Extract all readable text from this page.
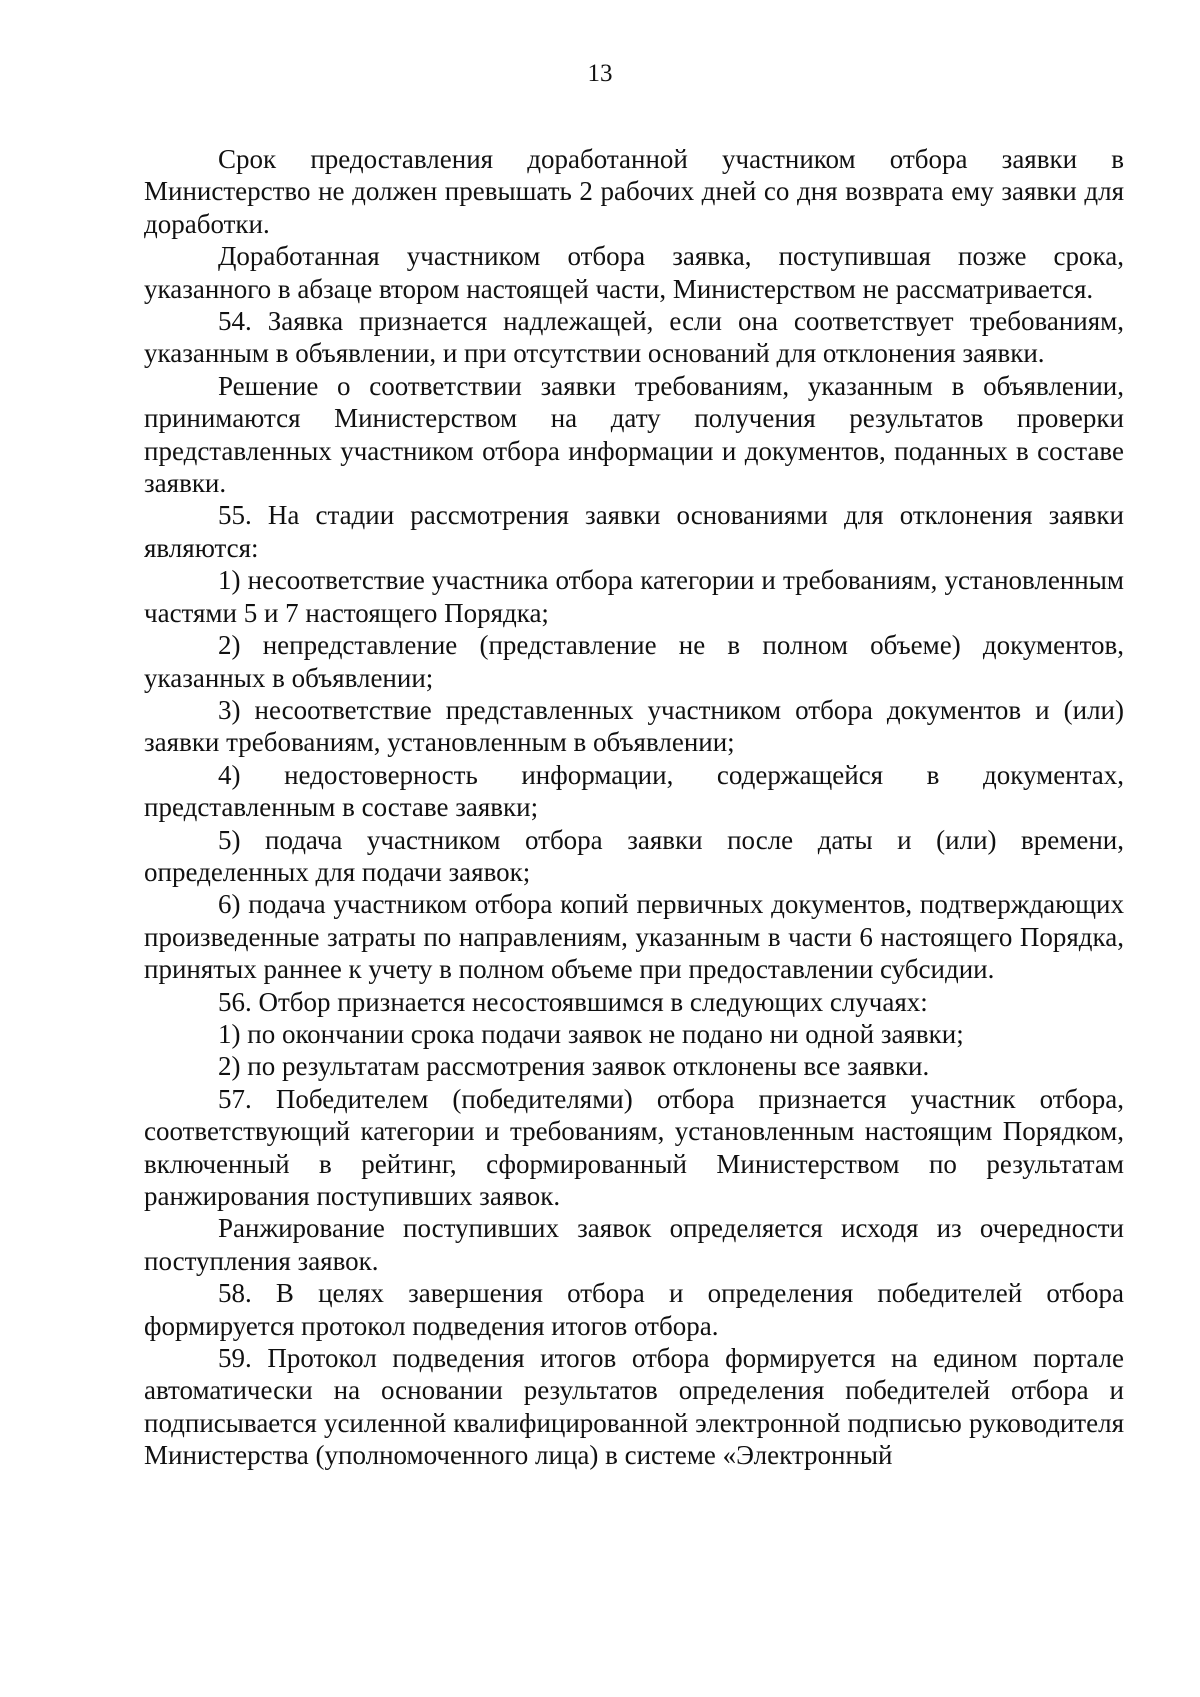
13

Срок предоставления доработанной участником отбора заявки в Министерство не должен превышать 2 рабочих дней со дня возврата ему заявки для доработки.

Доработанная участником отбора заявка, поступившая позже срока, указанного в абзаце втором настоящей части, Министерством не рассматривается.

54. Заявка признается надлежащей, если она соответствует требованиям, указанным в объявлении, и при отсутствии оснований для отклонения заявки.

Решение о соответствии заявки требованиям, указанным в объявлении, принимаются Министерством на дату получения результатов проверки представленных участником отбора информации и документов, поданных в составе заявки.

55. На стадии рассмотрения заявки основаниями для отклонения заявки являются:

1) несоответствие участника отбора категории и требованиям, установленным частями 5 и 7 настоящего Порядка;

2) непредставление (представление не в полном объеме) документов, указанных в объявлении;

3) несоответствие представленных участником отбора документов и (или) заявки требованиям, установленным в объявлении;

4) недостоверность информации, содержащейся в документах, представленным в составе заявки;

5) подача участником отбора заявки после даты и (или) времени, определенных для подачи заявок;

6) подача участником отбора копий первичных документов, подтверждающих произведенные затраты по направлениям, указанным в части 6 настоящего Порядка, принятых раннее к учету в полном объеме при предоставлении субсидии.

56. Отбор признается несостоявшимся в следующих случаях:

1) по окончании срока подачи заявок не подано ни одной заявки;

2) по результатам рассмотрения заявок отклонены все заявки.

57. Победителем (победителями) отбора признается участник отбора, соответствующий категории и требованиям, установленным настоящим Порядком, включенный в рейтинг, сформированный Министерством по результатам ранжирования поступивших заявок.

Ранжирование поступивших заявок определяется исходя из очередности поступления заявок.

58. В целях завершения отбора и определения победителей отбора формируется протокол подведения итогов отбора.

59. Протокол подведения итогов отбора формируется на едином портале автоматически на основании результатов определения победителей отбора и подписывается усиленной квалифицированной электронной подписью руководителя Министерства (уполномоченного лица) в системе «Электронный
